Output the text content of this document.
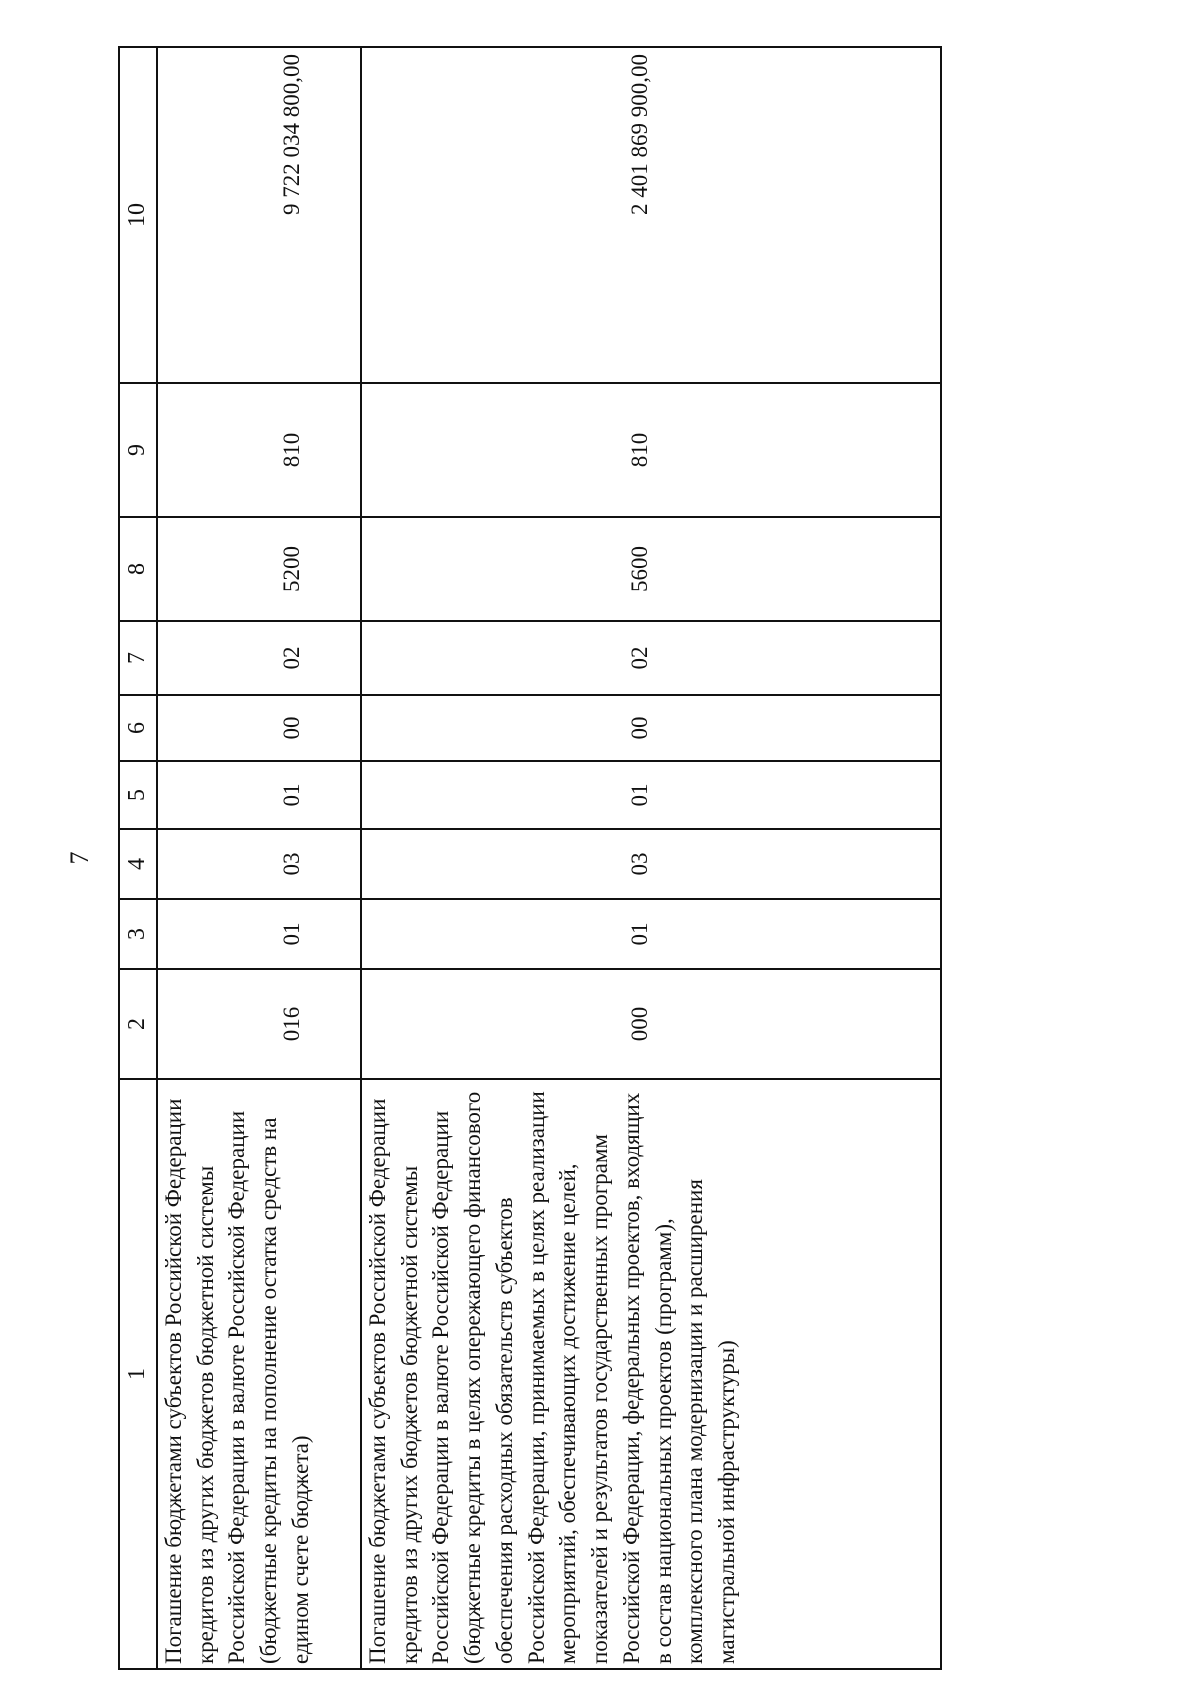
7
1	2	3	4	5	6	7	8	9	10
Погашение бюджетами субъектов Российской Федерации кредитов из других бюджетов бюджетной системы Российской Федерации в валюте Российской Федерации (бюджетные кредиты на пополнение остатка средств на едином счете бюджета)	016	01	03	01	00	02	5200	810	9 722 034 800,00
Погашение бюджетами субъектов Российской Федерации кредитов из других бюджетов бюджетной системы Российской Федерации в валюте Российской Федерации (бюджетные кредиты в целях опережающего финансового обеспечения расходных обязательств субъектов Российской Федерации, принимаемых в целях реализации мероприятий, обеспечивающих достижение целей, показателей и результатов государственных программ Российской Федерации, федеральных проектов, входящих в состав национальных проектов (программ), комплексного плана модернизации и расширения магистральной инфраструктуры)	000	01	03	01	00	02	5600	810	2 401 869 900,00
